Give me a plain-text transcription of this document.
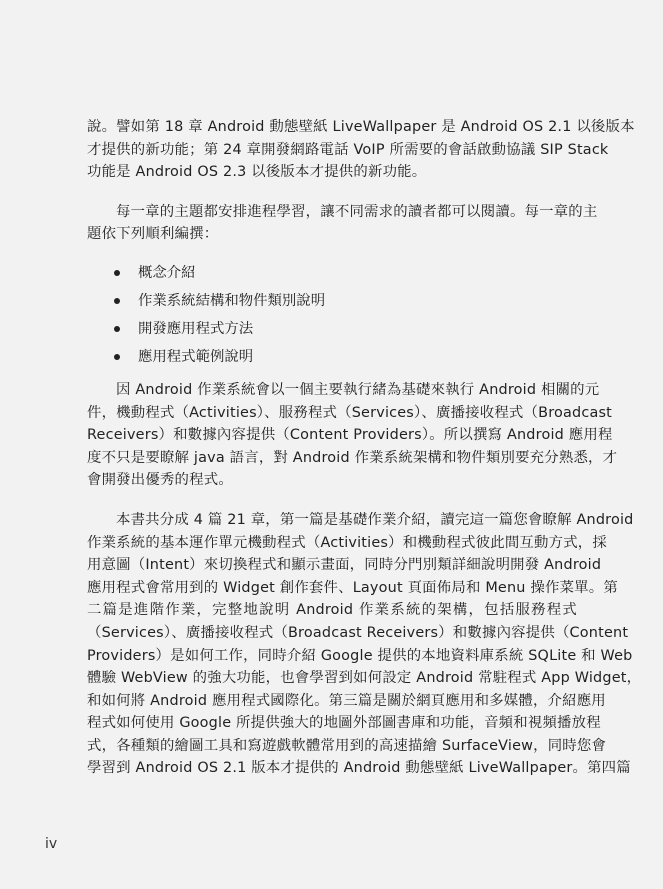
說。譬如第 18 章 Android 動態壁紙 LiveWallpaper 是 Android OS 2.1 以後版本
才提供的新功能；第 24 章開發網路電話 VoIP 所需要的會話啟動協議 SIP Stack
功能是 Android OS 2.3 以後版本才提供的新功能。

每一章的主題都安排進程學習，讓不同需求的讀者都可以閱讀。每一章的主
題依下列順利編撰：

概念介紹
作業系統結構和物件類別說明
開發應用程式方法
應用程式範例說明

因 Android 作業系統會以一個主要執行緒為基礎來執行 Android 相關的元
件，機動程式（Activities）、服務程式（Services）、廣播接收程式（Broadcast
Receivers）和數據內容提供（Content Providers）。所以撰寫 Android 應用程
度不只是要瞭解 java 語言，對 Android 作業系統架構和物件類別要充分熟悉，才
會開發出優秀的程式。

本書共分成 4 篇 21 章，第一篇是基礎作業介紹，讀完這一篇您會瞭解 Android
作業系統的基本運作單元機動程式（Activities）和機動程式彼此間互動方式，採
用意圖（Intent）來切換程式和顯示畫面，同時分門別類詳細說明開發 Android
應用程式會常用到的 Widget 創作套件、Layout 頁面佈局和 Menu 操作菜單。第
二篇是進階作業，完整地說明 Android 作業系統的架構，包括服務程式
（Services）、廣播接收程式（Broadcast Receivers）和數據內容提供（Content
Providers）是如何工作，同時介紹 Google 提供的本地資料庫系統 SQLite 和 Web
體驗 WebView 的強大功能，也會學習到如何設定 Android 常駐程式 App Widget，
和如何將 Android 應用程式國際化。第三篇是關於網頁應用和多媒體，介紹應用
程式如何使用 Google 所提供強大的地圖外部圖書庫和功能，音頻和視頻播放程
式，各種類的繪圖工具和寫遊戲軟體常用到的高速描繪 SurfaceView，同時您會
學習到 Android OS 2.1 版本才提供的 Android 動態壁紙 LiveWallpaper。第四篇

iv
